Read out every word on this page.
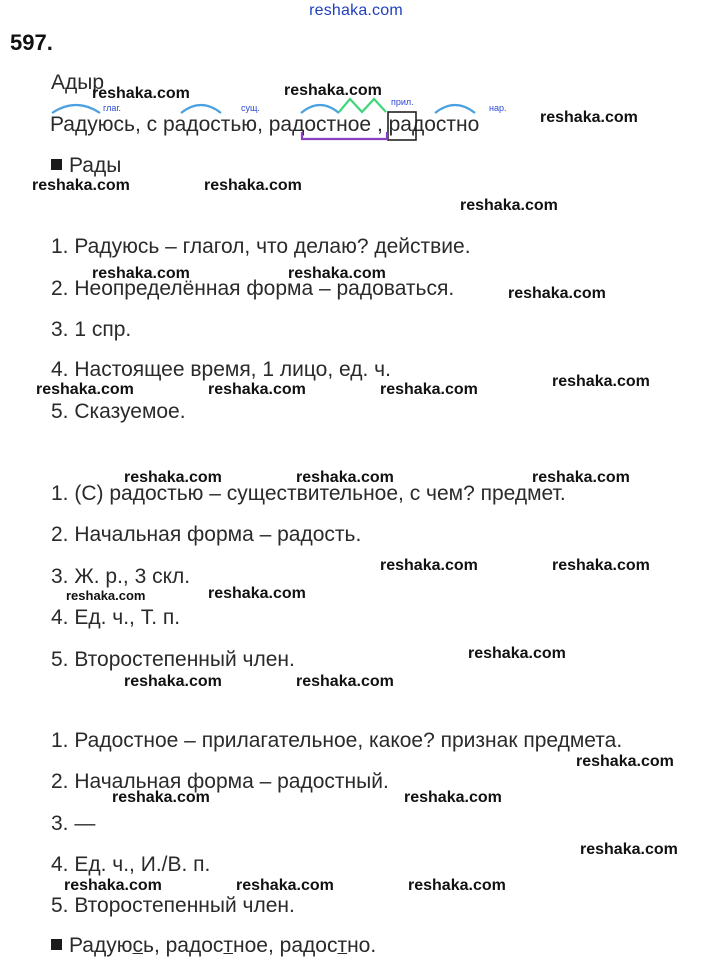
reshaka.com
597.
Адыр
глаг.	сущ.
прил.
нар.
Радуюсь, с радостью, радостное , радостно
Рады
1. Радуюсь – глагол, что делаю? действие.
2. Неопределённая форма – радоваться.
3. 1 спр.
4. Настоящее время, 1 лицо, ед. ч.
5. Сказуемое.
1. (С) радостью – существительное, с чем? предмет.
2. Начальная форма – радость.
3. Ж. р., 3 скл.
4. Ед. ч., Т. п.
5. Второстепенный член.
1. Радостное – прилагательное, какое? признак предмета.
2. Начальная форма – радостный.
3. —
4. Ед. ч., И./В. п.
5. Второстепенный член.
Радуюсь, радостное, радостно.
reshaka.com	reshaka.com
reshaka.com
reshaka.com	reshaka.com
reshaka.com
reshaka.com	reshaka.com
reshaka.com
reshaka.com	reshaka.com	reshaka.com	reshaka.com
reshaka.com	reshaka.com	reshaka.com
reshaka.com	reshaka.com
reshaka.com	reshaka.com
reshaka.com
reshaka.com	reshaka.com
reshaka.com
reshaka.com	reshaka.com
reshaka.com
reshaka.com	reshaka.com	reshaka.com
